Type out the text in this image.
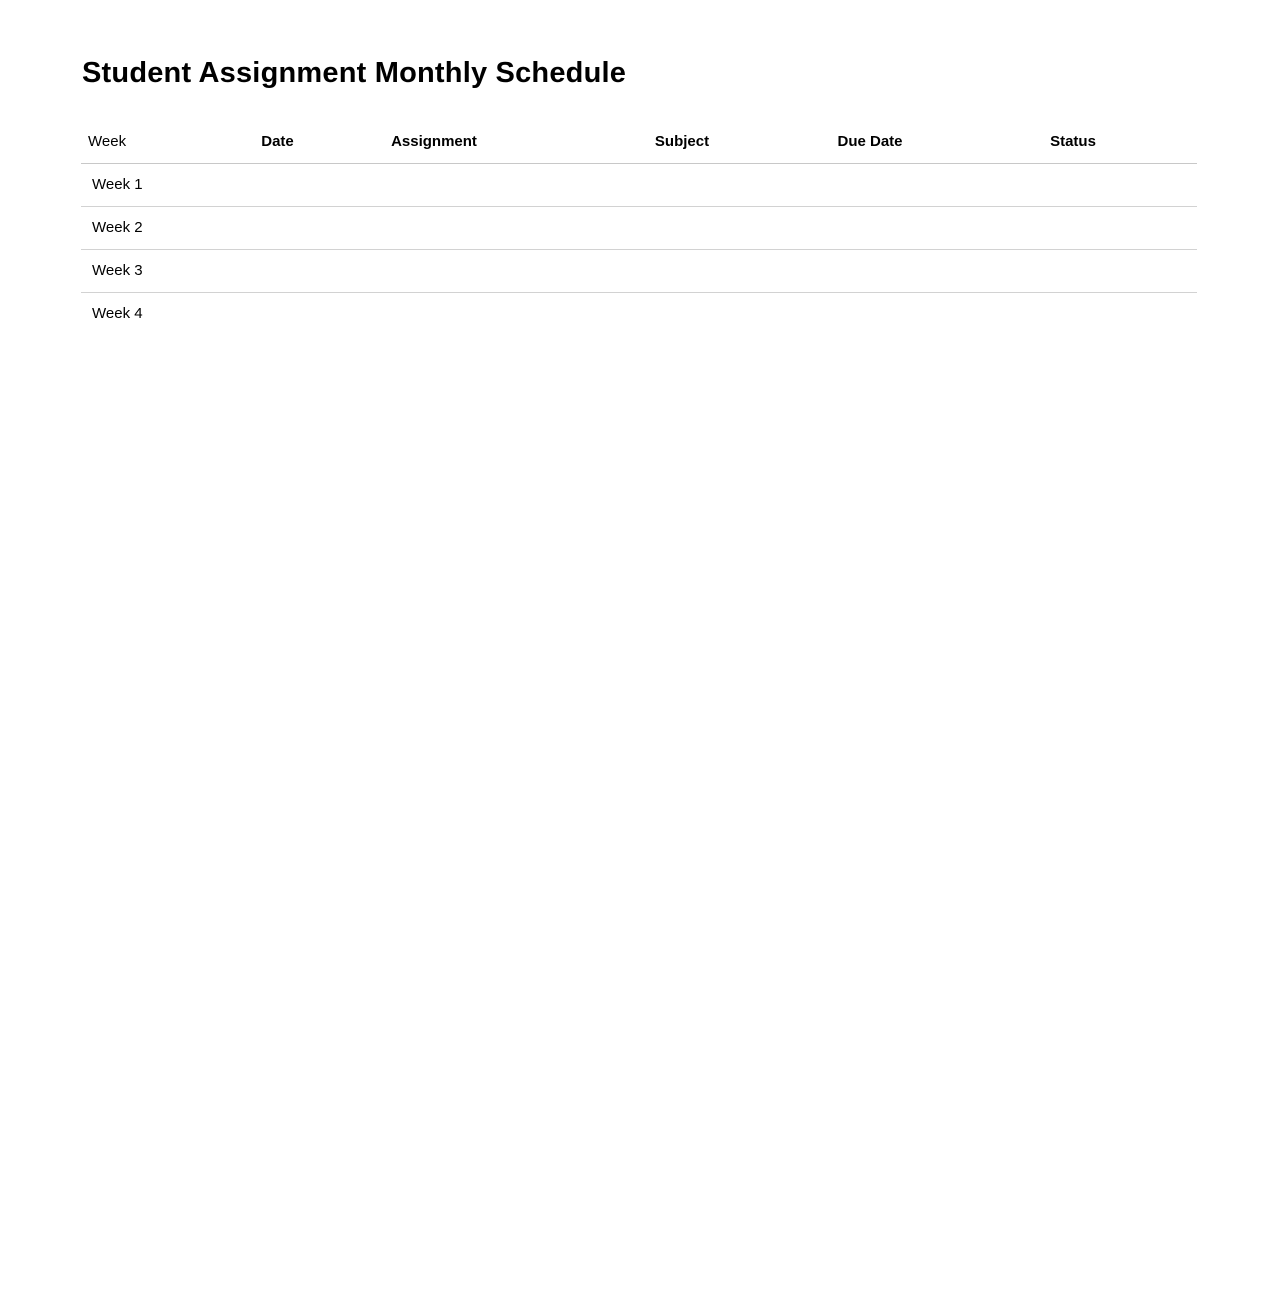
Student Assignment Monthly Schedule
Week	Date	Assignment	Subject	Due Date	Status
Week 1					
Week 2					
Week 3					
Week 4					
